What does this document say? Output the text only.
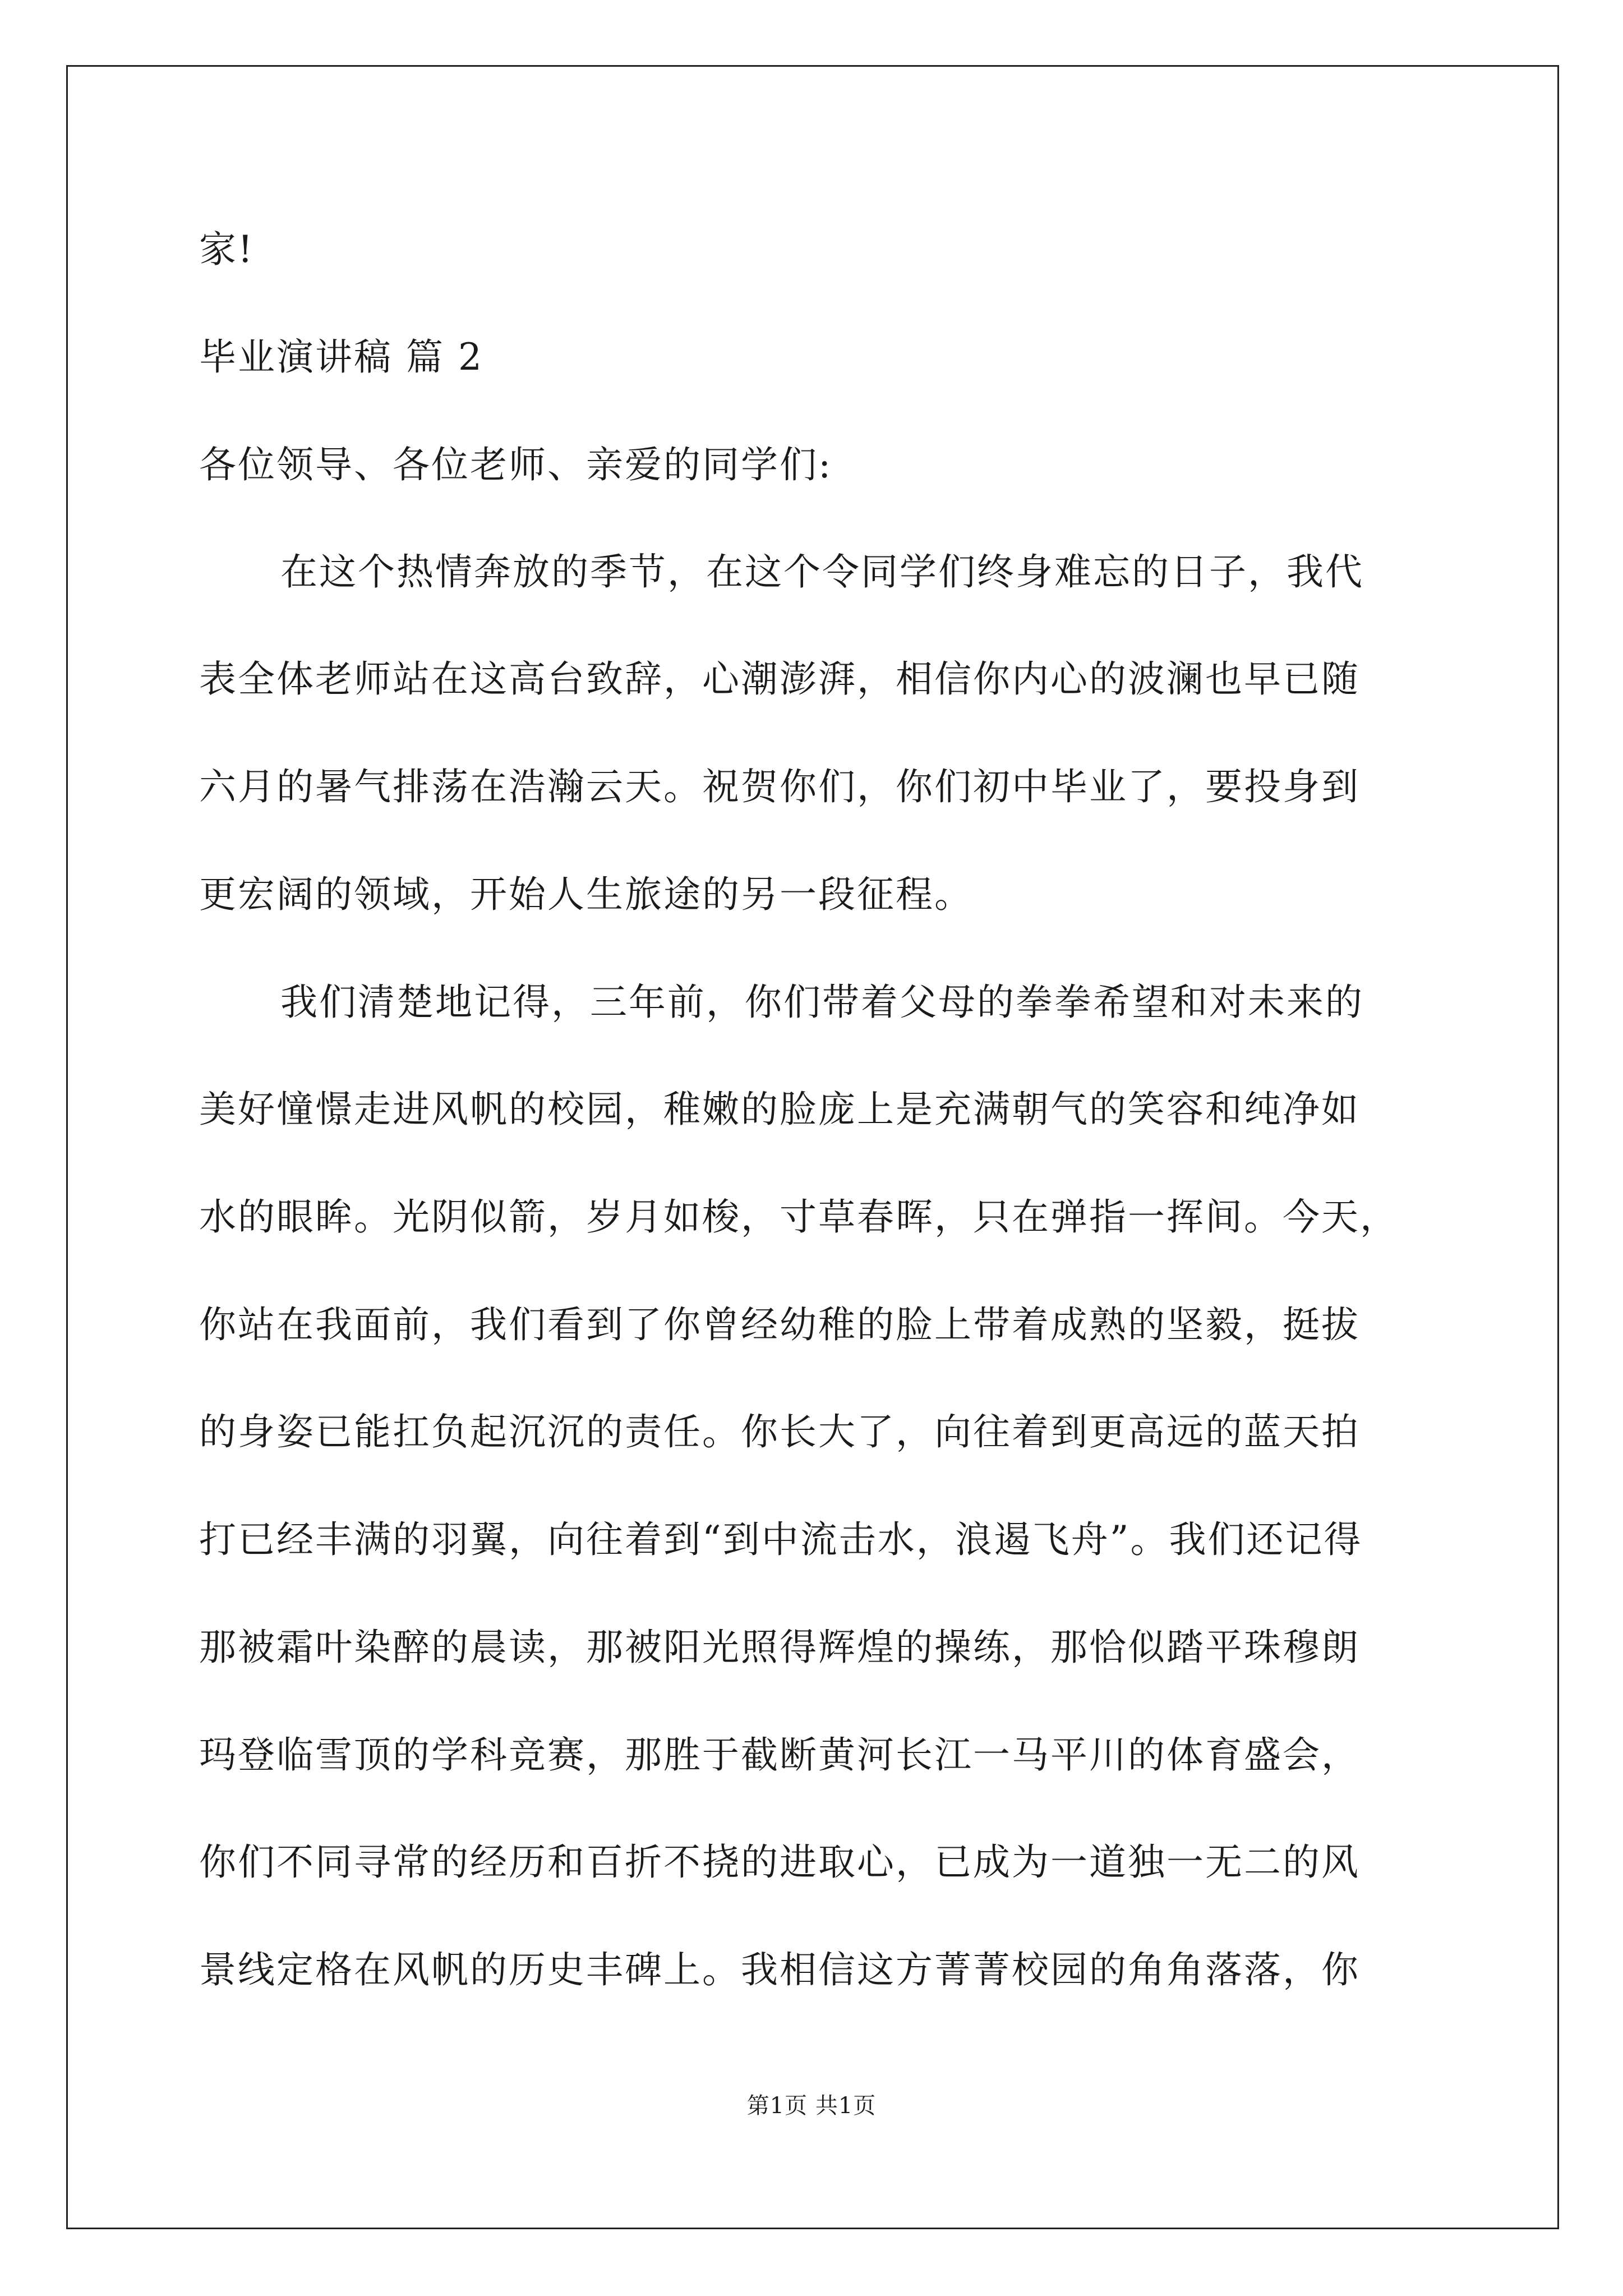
家!
毕业演讲稿 篇 2
各位领导、各位老师、亲爱的同学们:
在这个热情奔放的季节，在这个令同学们终身难忘的日子，我代
表全体老师站在这高台致辞，心潮澎湃，相信你内心的波澜也早已随
六月的暑气排荡在浩瀚云天。祝贺你们，你们初中毕业了，要投身到
更宏阔的领域，开始人生旅途的另一段征程。
我们清楚地记得，三年前，你们带着父母的拳拳希望和对未来的
美好憧憬走进风帆的校园，稚嫩的脸庞上是充满朝气的笑容和纯净如
水的眼眸。光阴似箭，岁月如梭，寸草春晖，只在弹指一挥间。今天，
你站在我面前，我们看到了你曾经幼稚的脸上带着成熟的坚毅，挺拔
的身姿已能扛负起沉沉的责任。你长大了，向往着到更高远的蓝天拍
打已经丰满的羽翼，向往着到“到中流击水，浪遏飞舟”。我们还记得
那被霜叶染醉的晨读，那被阳光照得辉煌的操练，那恰似踏平珠穆朗
玛登临雪顶的学科竞赛，那胜于截断黄河长江一马平川的体育盛会，
你们不同寻常的经历和百折不挠的进取心，已成为一道独一无二的风
景线定格在风帆的历史丰碑上。我相信这方菁菁校园的角角落落，你
第1页 共1页
